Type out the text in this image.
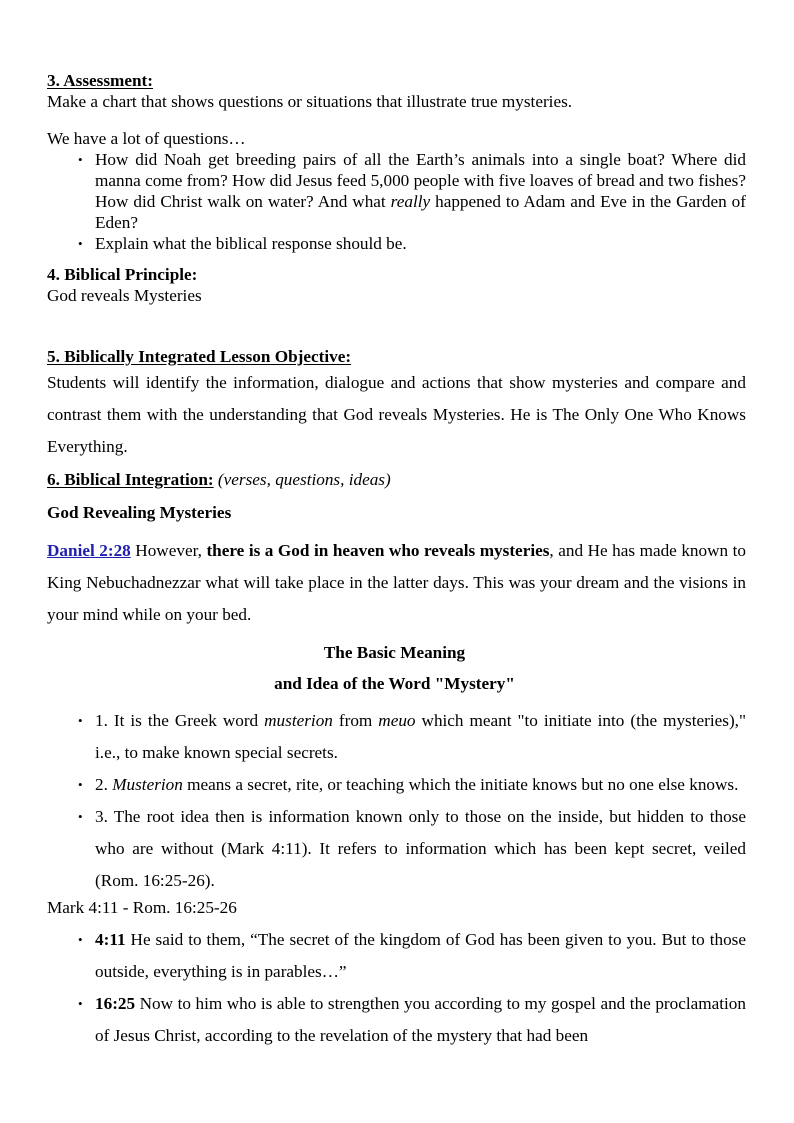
3. Assessment:
Make a chart that shows questions or situations that illustrate true mysteries.
We have a lot of questions…
• How did Noah get breeding pairs of all the Earth’s animals into a single boat? Where did manna come from? How did Jesus feed 5,000 people with five loaves of bread and two fishes? How did Christ walk on water? And what really happened to Adam and Eve in the Garden of Eden?
• Explain what the biblical response should be.
4. Biblical Principle:
God reveals Mysteries
5. Biblically Integrated Lesson Objective:
Students will identify the information, dialogue and actions that show mysteries and compare and contrast them with the understanding that God reveals Mysteries. He is The Only One Who Knows Everything.
6. Biblical Integration: (verses, questions, ideas)
God Revealing Mysteries
Daniel 2:28 However, there is a God in heaven who reveals mysteries, and He has made known to King Nebuchadnezzar what will take place in the latter days. This was your dream and the visions in your mind while on your bed.
The Basic Meaning
and Idea of the Word "Mystery"
• 1. It is the Greek word musterion from meuo which meant "to initiate into (the mysteries)," i.e., to make known special secrets.
• 2. Musterion means a secret, rite, or teaching which the initiate knows but no one else knows.
• 3. The root idea then is information known only to those on the inside, but hidden to those who are without (Mark 4:11). It refers to information which has been kept secret, veiled (Rom. 16:25-26).
Mark 4:11 - Rom. 16:25-26
• 4:11 He said to them, “The secret of the kingdom of God has been given to you. But to those outside, everything is in parables…”
• 16:25 Now to him who is able to strengthen you according to my gospel and the proclamation of Jesus Christ, according to the revelation of the mystery that had been
